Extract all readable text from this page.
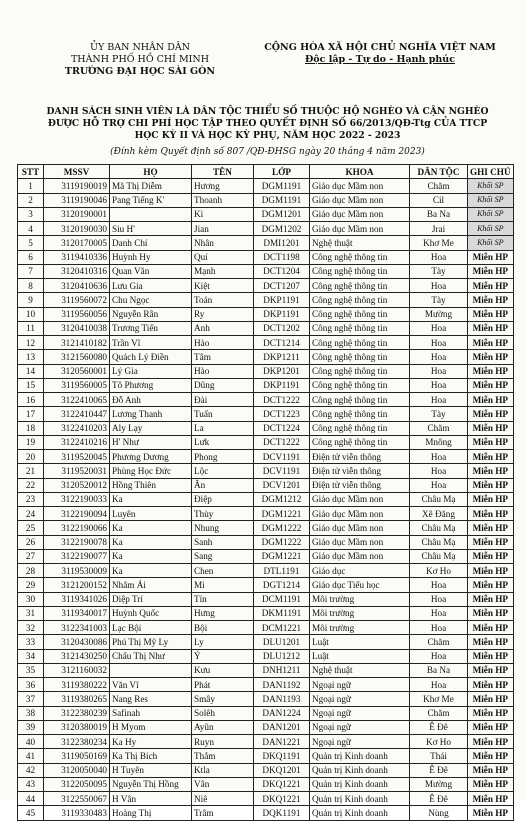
ỦY BAN NHÂN DÂN
THÀNH PHỐ HỒ CHÍ MINH
TRƯỜNG ĐẠI HỌC SÀI GÒN
CỘNG HÒA XÃ HỘI CHỦ NGHĨA VIỆT NAM
Độc lập - Tự do - Hạnh phúc
DANH SÁCH SINH VIÊN LÀ DÂN TỘC THIỂU SỐ THUỘC HỘ NGHÈO VÀ CẬN NGHÈO
ĐƯỢC HỖ TRỢ CHI PHÍ HỌC TẬP THEO QUYẾT ĐỊNH SỐ 66/2013/QĐ-Ttg CỦA TTCP
HỌC KỲ II VÀ HỌC KỲ PHỤ, NĂM HỌC 2022 - 2023
(Đính kèm Quyết định số 807 /QĐ-ĐHSG ngày 20 tháng 4 năm 2023)
STT	MSSV	HỌ	TÊN	LỚP	KHOA	DÂN TỘC	GHI CHÚ
1	3119190019	Mã Thị Diễm	Hương	DGM1191	Giáo dục Mầm non	Chăm	Khối SP
2	3119190046	Pang Tiếng K'	Thoanh	DGM1191	Giáo dục Mầm non	Cil	Khối SP
3	3120190001		Kì	DGM1201	Giáo dục Mầm non	Ba Na	Khối SP
4	3120190030	Siu H'	Jian	DGM1202	Giáo dục Mầm non	Jrai	Khối SP
5	3120170005	Danh Chí	Nhân	DMI1201	Nghệ thuật	Khơ Me	Khối SP
6	3119410336	Huỳnh Hy	Quí	DCT1198	Công nghệ thông tin	Hoa	Miễn HP
7	3120410316	Quan Văn	Mạnh	DCT1204	Công nghệ thông tin	Tày	Miễn HP
8	3120410636	Lưu Gia	Kiệt	DCT1207	Công nghệ thông tin	Hoa	Miễn HP
9	3119560072	Chu Ngọc	Toản	DKP1191	Công nghệ thông tin	Tày	Miễn HP
10	3119560056	Nguyễn Rân	Ry	DKP1191	Công nghệ thông tin	Mường	Miễn HP
11	3120410038	Trương Tiến	Anh	DCT1202	Công nghệ thông tin	Hoa	Miễn HP
12	3121410182	Trần Vĩ	Hào	DCT1214	Công nghệ thông tin	Hoa	Miễn HP
13	3121560080	Quách Lý Điền	Tâm	DKP1211	Công nghệ thông tin	Hoa	Miễn HP
14	3120560001	Lý Gia	Hào	DKP1201	Công nghệ thông tin	Hoa	Miễn HP
15	3119560005	Tô Phương	Dũng	DKP1191	Công nghệ thông tin	Hoa	Miễn HP
16	3122410065	Đỗ Anh	Đài	DCT1222	Công nghệ thông tin	Hoa	Miễn HP
17	3122410447	Lương Thanh	Tuấn	DCT1223	Công nghệ thông tin	Tày	Miễn HP
18	3122410203	Aly Lạy	La	DCT1224	Công nghệ thông tin	Chăm	Miễn HP
19	3122410216	H' Như	Lưk	DCT1222	Công nghệ thông tin	Mnông	Miễn HP
20	3119520045	Phương Dương	Phong	DCV1191	Điện tử viễn thông	Hoa	Miễn HP
21	3119520031	Phùng Học Đức	Lộc	DCV1191	Điện tử viễn thông	Hoa	Miễn HP
22	3120520012	Hồng Thiên	Ân	DCV1201	Điện tử viễn thông	Hoa	Miễn HP
23	3122190033	Ka	Điệp	DGM1212	Giáo dục Mầm non	Châu Mạ	Miễn HP
24	3122190094	Luyên	Thùy	DGM1221	Giáo dục Mầm non	Xê Đăng	Miễn HP
25	3122190066	Ka	Nhung	DGM1222	Giáo dục Mầm non	Châu Mạ	Miễn HP
26	3122190078	Ka	Sanh	DGM1222	Giáo dục Mầm non	Châu Mạ	Miễn HP
27	3122190077	Ka	Sang	DGM1221	Giáo dục Mầm non	Châu Mạ	Miễn HP
28	3119530009	Ka	Chen	DTL1191	Giáo dục	Kơ Ho	Miễn HP
29	3121200152	Nhâm Ái	Mi	DGT1214	Giáo dục Tiểu học	Hoa	Miễn HP
30	3119341026	Diệp Trí	Tín	DCM1191	Môi trường	Hoa	Miễn HP
31	3119340017	Huỳnh Quốc	Hưng	DKM1191	Môi trường	Hoa	Miễn HP
32	3122341003	Lạc Bội	Bội	DCM1221	Môi trường	Hoa	Miễn HP
33	3120430086	Phú Thị Mỹ Ly	Ly	DLU1201	Luật	Chăm	Miễn HP
34	3121430250	Chẩu Thị Như	Ý	DLU1212	Luật	Hoa	Miễn HP
35	3121160032		Kưu	DNH1211	Nghệ thuật	Ba Na	Miễn HP
36	3119380222	Văn Vĩ	Phát	DAN1192	Ngoại ngữ	Hoa	Miễn HP
37	3119380265	Nang Res	Smây	DAN1193	Ngoại ngữ	Khơ Me	Miễn HP
38	3122380239	Safinah	Solêh	DAN1224	Ngoại ngữ	Chăm	Miễn HP
39	3120380019	H Myom	Ayũn	DAN1201	Ngoại ngữ	Ê Đê	Miễn HP
40	3122380234	Ka Hy	Ruyn	DAN1221	Ngoại ngữ	Kơ Ho	Miễn HP
41	3119050169	Ka Thị Bích	Thắm	DKQ1191	Quản trị Kinh doanh	Thái	Miễn HP
42	3120050040	H Tuyên	Ktla	DKQ1201	Quản trị Kinh doanh	Ê Đê	Miễn HP
43	3122050095	Nguyễn Thị Hồng	Vân	DKQ1221	Quản trị Kinh doanh	Mường	Miễn HP
44	3122550067	H Vân	Niê	DKQ1221	Quản trị Kinh doanh	Ê Đê	Miễn HP
45	3119330483	Hoàng Thị	Trâm	DQK1191	Quản trị Kinh doanh	Nùng	Miễn HP
